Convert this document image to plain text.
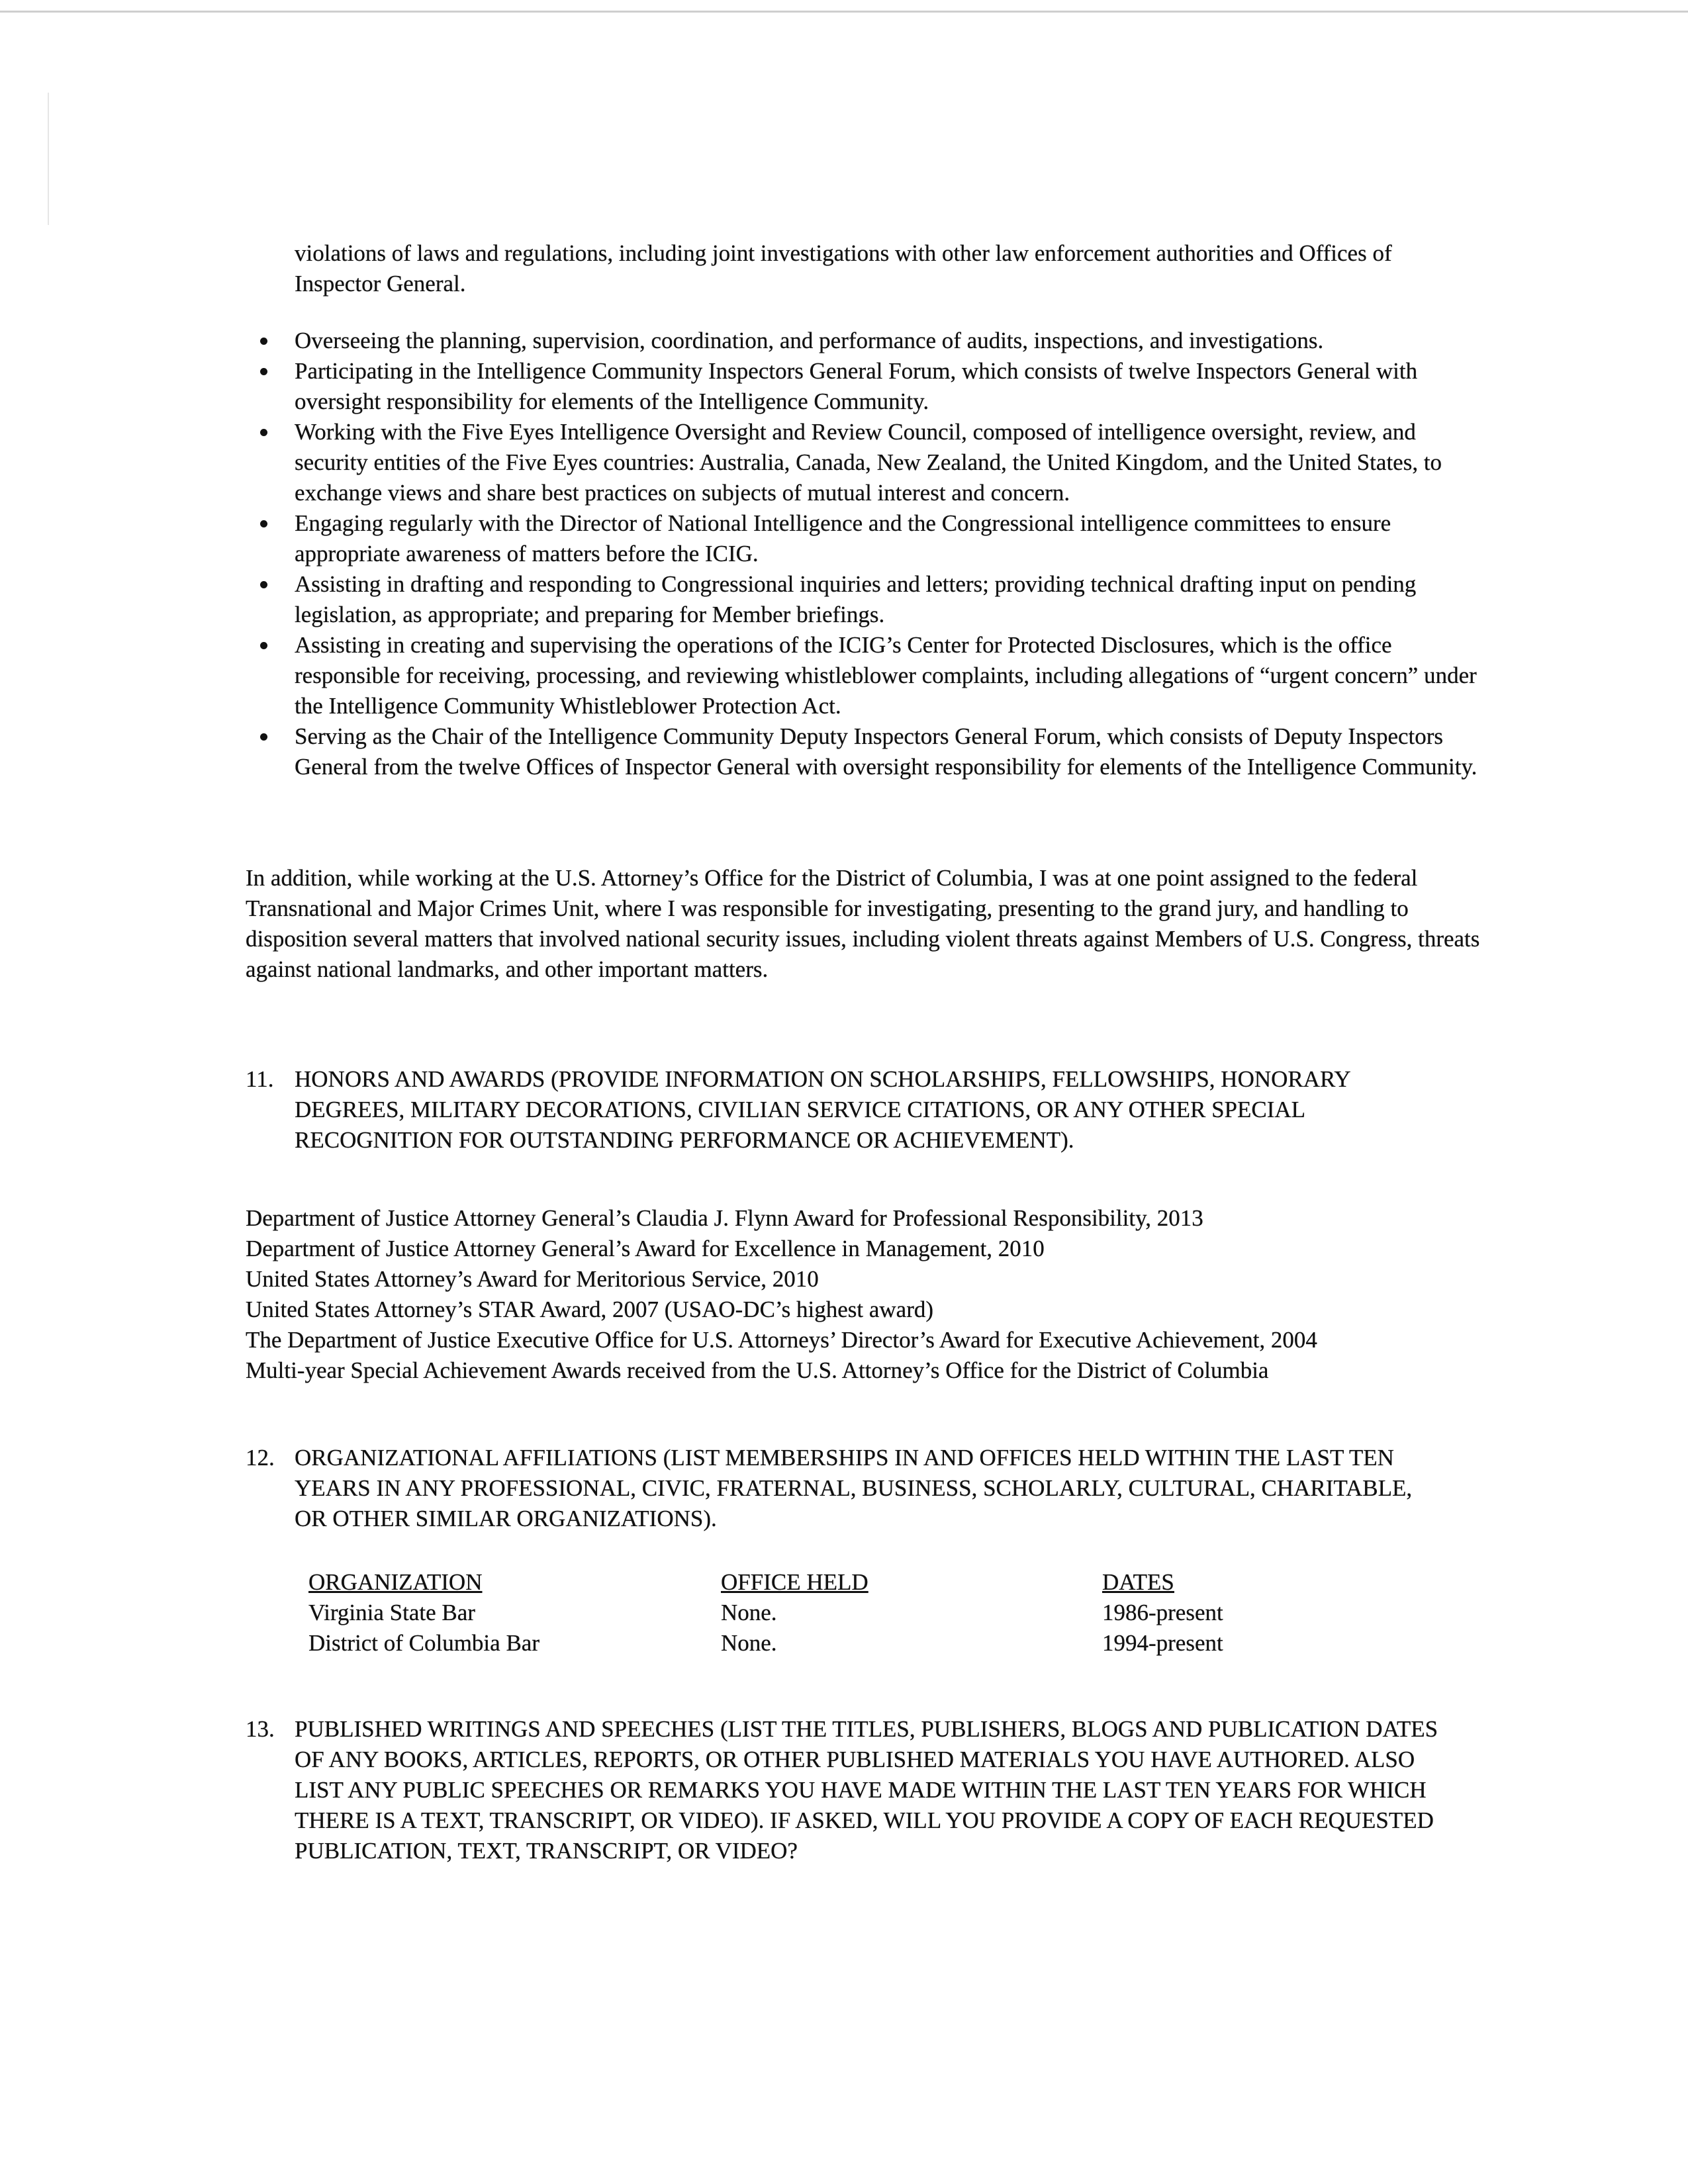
violations of laws and regulations, including joint investigations with other law enforcement authorities and Offices of Inspector General.

Overseeing the planning, supervision, coordination, and performance of audits, inspections, and investigations.
Participating in the Intelligence Community Inspectors General Forum, which consists of twelve Inspectors General with oversight responsibility for elements of the Intelligence Community.
Working with the Five Eyes Intelligence Oversight and Review Council, composed of intelligence oversight, review, and security entities of the Five Eyes countries: Australia, Canada, New Zealand, the United Kingdom, and the United States, to exchange views and share best practices on subjects of mutual interest and concern.
Engaging regularly with the Director of National Intelligence and the Congressional intelligence committees to ensure appropriate awareness of matters before the ICIG.
Assisting in drafting and responding to Congressional inquiries and letters; providing technical drafting input on pending legislation, as appropriate; and preparing for Member briefings.
Assisting in creating and supervising the operations of the ICIG’s Center for Protected Disclosures, which is the office responsible for receiving, processing, and reviewing whistleblower complaints, including allegations of “urgent concern” under the Intelligence Community Whistleblower Protection Act.
Serving as the Chair of the Intelligence Community Deputy Inspectors General Forum, which consists of Deputy Inspectors General from the twelve Offices of Inspector General with oversight responsibility for elements of the Intelligence Community.

In addition, while working at the U.S. Attorney’s Office for the District of Columbia, I was at one point assigned to the federal Transnational and Major Crimes Unit, where I was responsible for investigating, presenting to the grand jury, and handling to disposition several matters that involved national security issues, including violent threats against Members of U.S. Congress, threats against national landmarks, and other important matters.

11. HONORS AND AWARDS (PROVIDE INFORMATION ON SCHOLARSHIPS, FELLOWSHIPS, HONORARY DEGREES, MILITARY DECORATIONS, CIVILIAN SERVICE CITATIONS, OR ANY OTHER SPECIAL RECOGNITION FOR OUTSTANDING PERFORMANCE OR ACHIEVEMENT).
Department of Justice Attorney General’s Claudia J. Flynn Award for Professional Responsibility, 2013
Department of Justice Attorney General’s Award for Excellence in Management, 2010
United States Attorney’s Award for Meritorious Service, 2010
United States Attorney’s STAR Award, 2007 (USAO-DC’s highest award)
The Department of Justice Executive Office for U.S. Attorneys’ Director’s Award for Executive Achievement, 2004
Multi-year Special Achievement Awards received from the U.S. Attorney’s Office for the District of Columbia
12. ORGANIZATIONAL AFFILIATIONS (LIST MEMBERSHIPS IN AND OFFICES HELD WITHIN THE LAST TEN YEARS IN ANY PROFESSIONAL, CIVIC, FRATERNAL, BUSINESS, SCHOLARLY, CULTURAL, CHARITABLE, OR OTHER SIMILAR ORGANIZATIONS).
ORGANIZATION	OFFICE HELD	DATES
Virginia State Bar	None.	1986-present
District of Columbia Bar	None.	1994-present
13. PUBLISHED WRITINGS AND SPEECHES (LIST THE TITLES, PUBLISHERS, BLOGS AND PUBLICATION DATES OF ANY BOOKS, ARTICLES, REPORTS, OR OTHER PUBLISHED MATERIALS YOU HAVE AUTHORED. ALSO LIST ANY PUBLIC SPEECHES OR REMARKS YOU HAVE MADE WITHIN THE LAST TEN YEARS FOR WHICH THERE IS A TEXT, TRANSCRIPT, OR VIDEO). IF ASKED, WILL YOU PROVIDE A COPY OF EACH REQUESTED PUBLICATION, TEXT, TRANSCRIPT, OR VIDEO?
